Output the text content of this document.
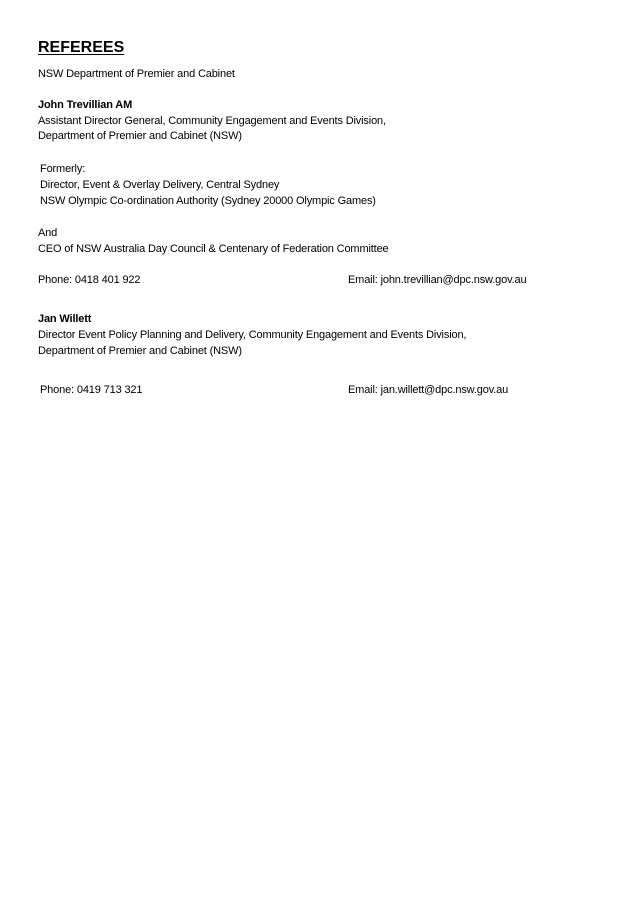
REFEREES
NSW Department of Premier and Cabinet
John Trevillian AM
Assistant Director General, Community Engagement and Events Division,
Department of Premier and Cabinet (NSW)
Formerly:
Director, Event & Overlay Delivery, Central Sydney
NSW Olympic Co-ordination Authority (Sydney 20000 Olympic Games)
And
CEO of NSW Australia Day Council & Centenary of Federation Committee
Phone: 0418 401 922	Email: john.trevillian@dpc.nsw.gov.au
Jan Willett
Director Event Policy Planning and Delivery, Community Engagement and Events Division,
Department of Premier and Cabinet (NSW)
Phone: 0419 713 321	Email: jan.willett@dpc.nsw.gov.au
